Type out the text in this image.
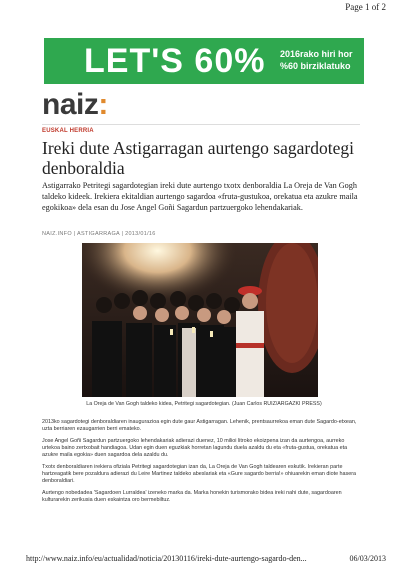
Page 1 of 2
LET'S 60% 2016rako hiri hor
%60 birziklatuko
naiz:
EUSKAL HERRIA
Ireki dute Astigarragan aurtengo sagardotegi denboraldia
Astigarrako Petritegi sagardotegian ireki dute aurtengo txotx denboraldia La Oreja de Van Gogh taldeko kideek. Irekiera ekitaldian aurtengo sagardoa «fruta-gustukoa, orekatua eta azukre maila egokikoa» dela esan du Jose Angel Goñi Sagardun partzuergoko lehendakariak.
NAIZ.INFO | ASTIGARRAGA | 2013/01/16
La Oreja de Van Gogh taldeko kidea, Petritegi sagardotegian. (Juan Carlos RUIZ/ARGAZKI PRESS)

2013ko sagardotegi denboraldiaren inaugurazioa egin dute gaur Astigarragan. Lehenik, prentsaurrekoa eman dute Sagardo-etxean, uzta berriaren ezaugarrien berri emateko.

Jose Angel Goñi Sagardun partzuergoko lehendakariak adierazi duenez, 10 milioi litroko ekoizpena izan da aurtengoa, aurreko urtekoa baino zertxobait handiagoa. Udan egin duen eguzkiak horretan lagundu duela azaldu du eta «fruta-gustua, orekatua eta azukre maila egokia» duen sagardoa dela azaldu du.

Txotx denboraldiaren irekiera ofiziala Petritegi sagardotegian izan da, La Oreja de Van Gogh taldearen eskutik. Irekieran parte hartzeagatik bere pozaldura adierazi du Leire Martinez taldeko abeslariak eta «Gure sagardo berria!» ohiuarekin eman diote hasera denboraldiari.

Aurtengo nobedadea 'Sagardoen Lurraldea' izeneko marka da. Marka honekin turismorako bidea ireki nahi dute, sagardoaren kulturarekin zerikusia duen eskaintza oro bermebiltuz.

http://www.naiz.info/eu/actualidad/noticia/20130116/ireki-dute-aurtengo-sagardo-den...	06/03/2013
